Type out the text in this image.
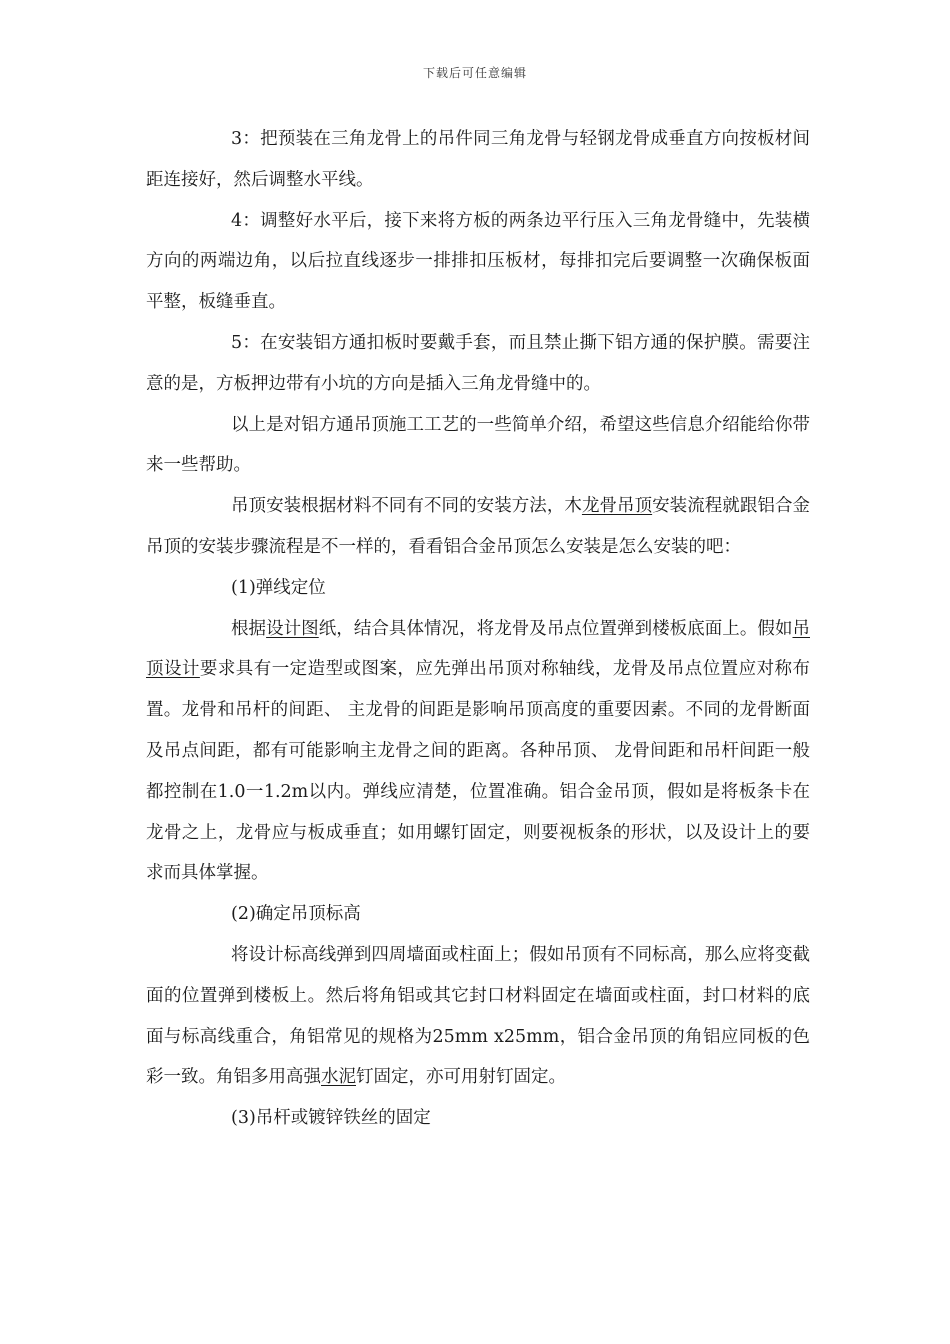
下载后可任意编辑

3：把预装在三角龙骨上的吊件同三角龙骨与轻钢龙骨成垂直方向按板材间距连接好，然后调整水平线。

4：调整好水平后，接下来将方板的两条边平行压入三角龙骨缝中，先装横方向的两端边角，以后拉直线逐步一排排扣压板材，每排扣完后要调整一次确保板面平整，板缝垂直。

5：在安装铝方通扣板时要戴手套，而且禁止撕下铝方通的保护膜。需要注意的是，方板押边带有小坑的方向是插入三角龙骨缝中的。

以上是对铝方通吊顶施工工艺的一些简单介绍，希望这些信息介绍能给你带来一些帮助。

吊顶安装根据材料不同有不同的安装方法，木龙骨吊顶安装流程就跟铝合金吊顶的安装步骤流程是不一样的，看看铝合金吊顶怎么安装是怎么安装的吧：

(1)弹线定位

根据设计图纸，结合具体情况，将龙骨及吊点位置弹到楼板底面上。假如吊顶设计要求具有一定造型或图案，应先弹出吊顶对称轴线，龙骨及吊点位置应对称布置。龙骨和吊杆的间距、 主龙骨的间距是影响吊顶高度的重要因素。不同的龙骨断面及吊点间距，都有可能影响主龙骨之间的距离。各种吊顶、 龙骨间距和吊杆间距一般都控制在1.0一1.2m以内。弹线应清楚，位置准确。铝合金吊顶，假如是将板条卡在龙骨之上，龙骨应与板成垂直；如用螺钉固定，则要视板条的形状，以及设计上的要求而具体掌握。

(2)确定吊顶标高

将设计标高线弹到四周墙面或柱面上；假如吊顶有不同标高，那么应将变截面的位置弹到楼板上。然后将角铝或其它封口材料固定在墙面或柱面，封口材料的底面与标高线重合，角铝常见的规格为25mm x25mm，铝合金吊顶的角铝应同板的色彩一致。角铝多用高强水泥钉固定，亦可用射钉固定。

(3)吊杆或镀锌铁丝的固定
